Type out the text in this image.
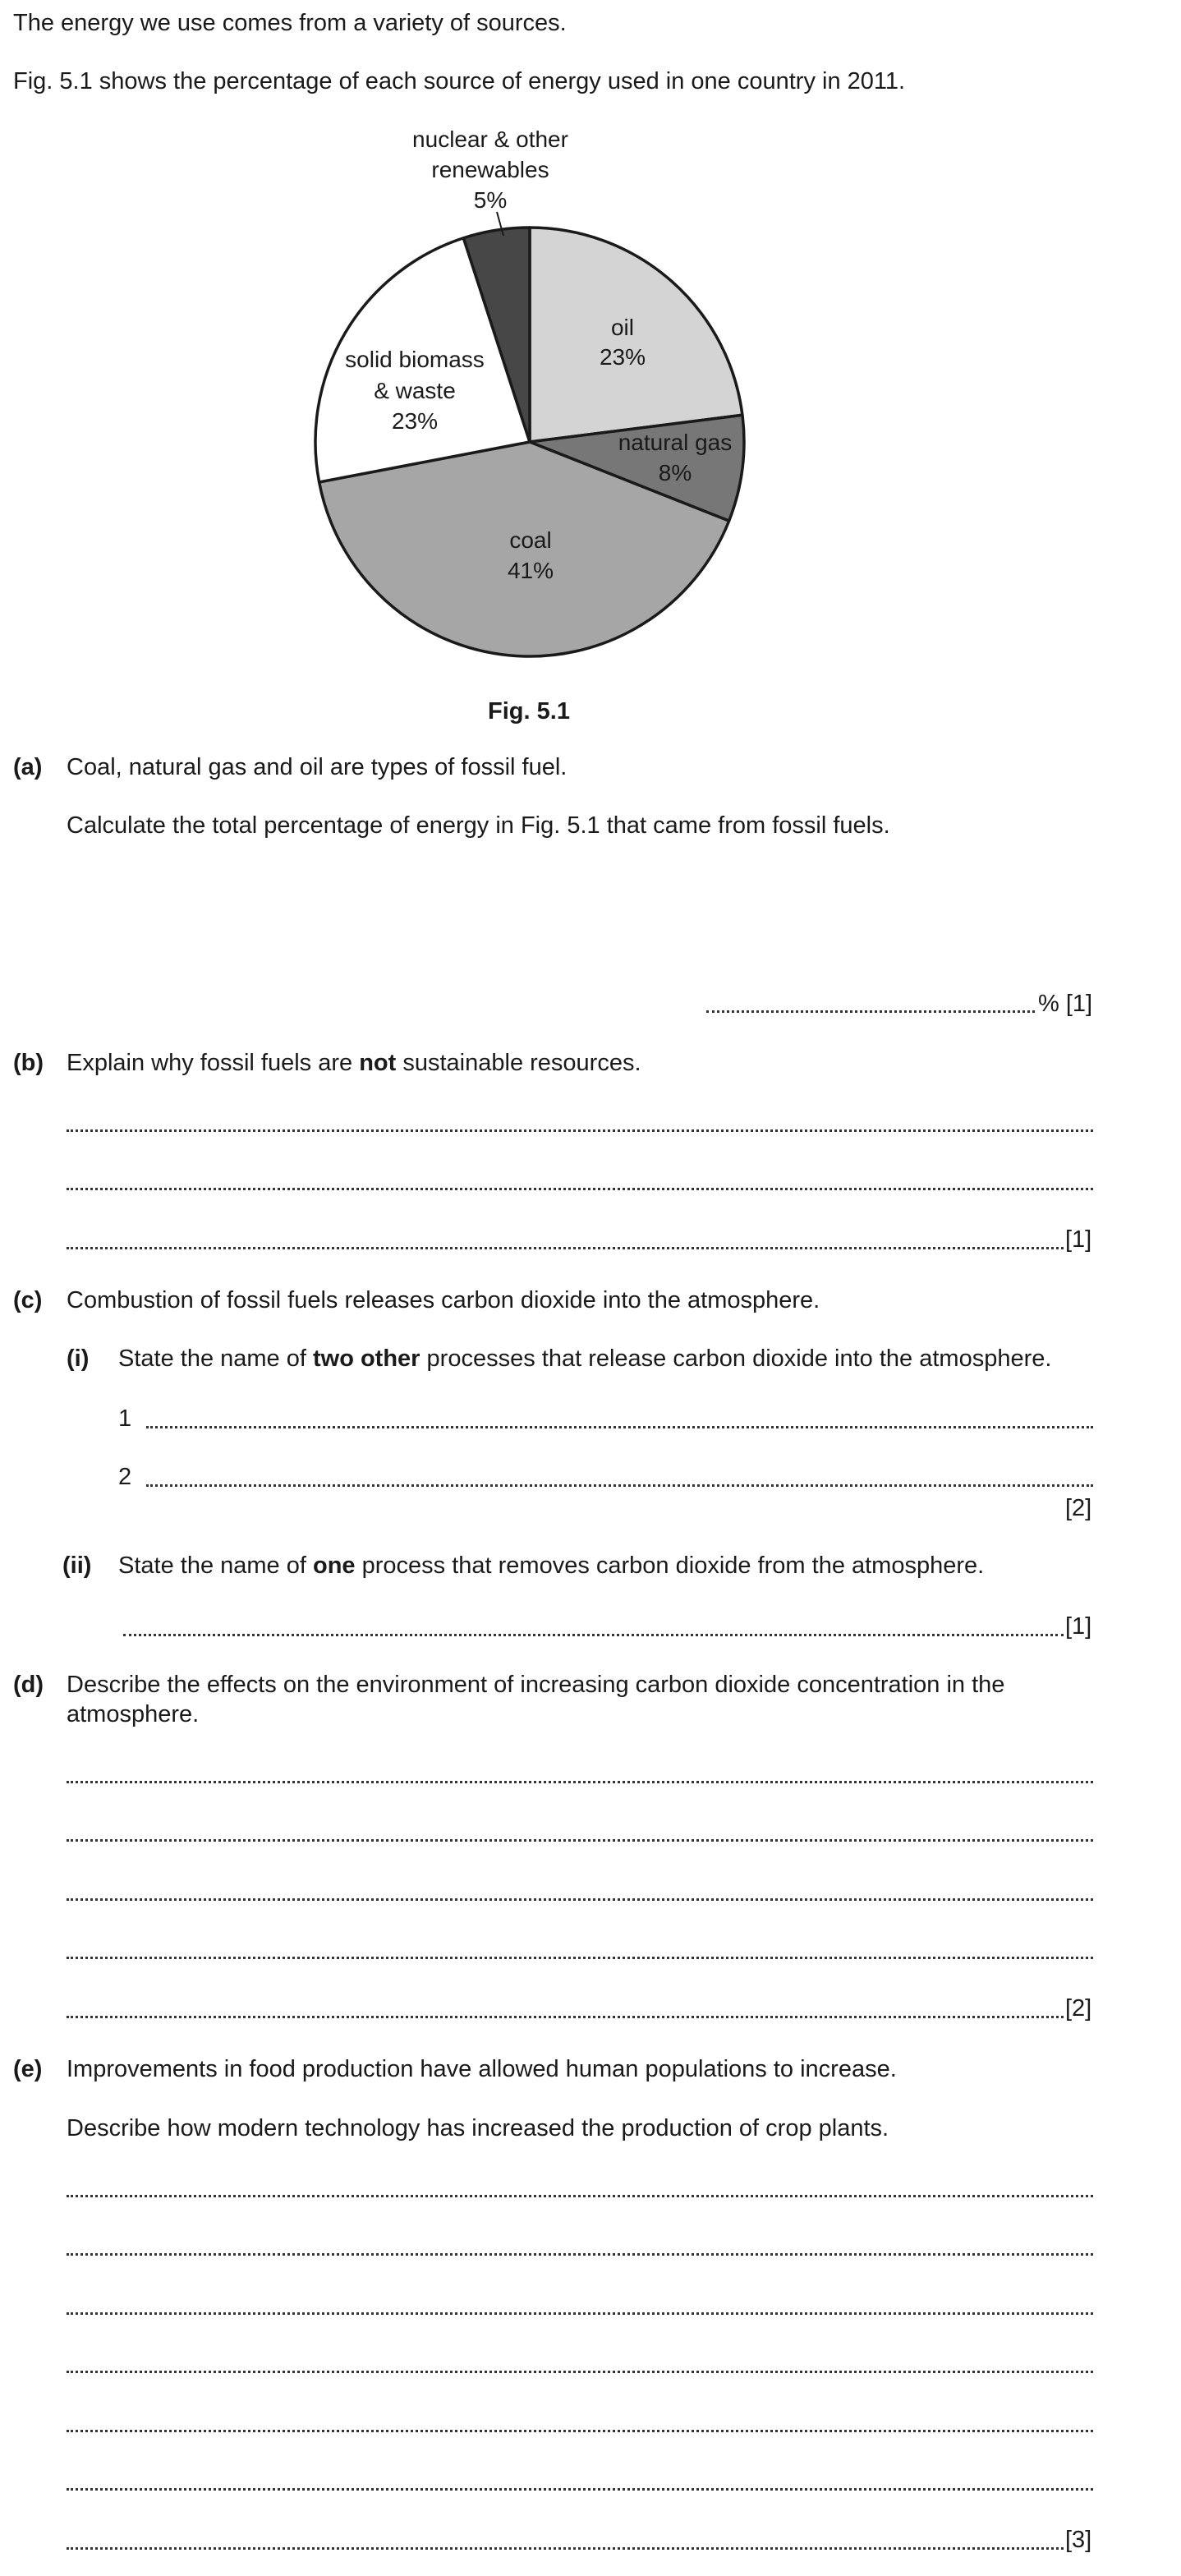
The energy we use comes from a variety of sources.
Fig. 5.1 shows the percentage of each source of energy used in one country in 2011.
oil
23%
natural gas
8%
coal
41%
solid biomass
& waste
23%
nuclear & other
renewables
5%
Fig. 5.1
(a) Coal, natural gas and oil are types of fossil fuel.
Calculate the total percentage of energy in Fig. 5.1 that came from fossil fuels.
% [1]
(b) Explain why fossil fuels are not sustainable resources.
[1]
(c) Combustion of fossil fuels releases carbon dioxide into the atmosphere.
(i) State the name of two other processes that release carbon dioxide into the atmosphere.
1
2
[2]
(ii) State the name of one process that removes carbon dioxide from the atmosphere.
[1]
(d) Describe the effects on the environment of increasing carbon dioxide concentration in the
atmosphere.
[2]
(e) Improvements in food production have allowed human populations to increase.
Describe how modern technology has increased the production of crop plants.
[3]
